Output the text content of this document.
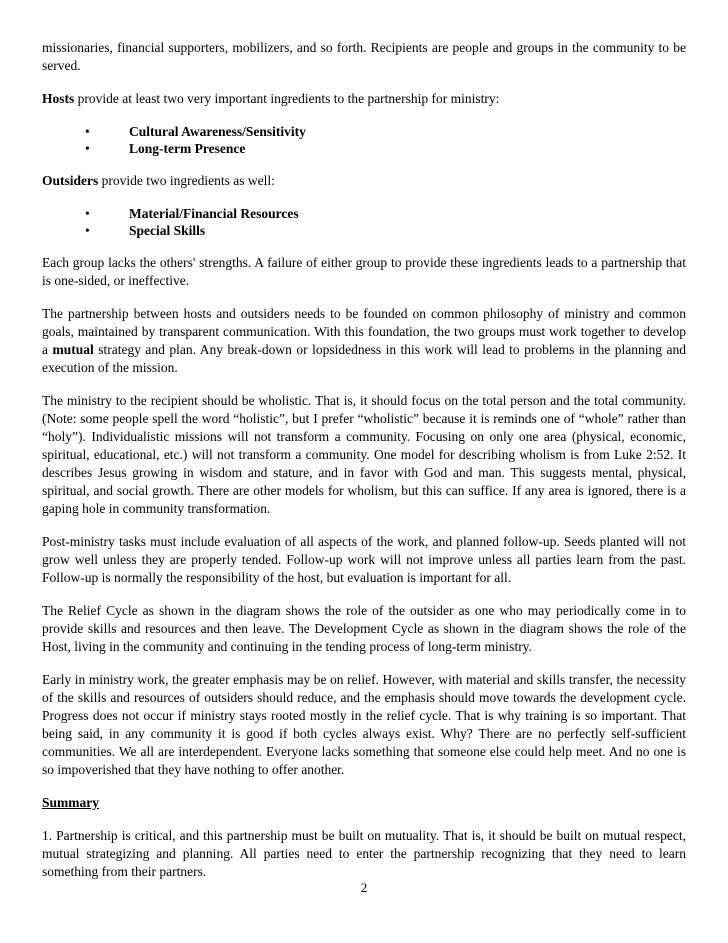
missionaries, financial supporters, mobilizers, and so forth. Recipients are people and groups in the community to be served.

Hosts provide at least two very important ingredients to the partnership for ministry:

•	Cultural Awareness/Sensitivity
•	Long-term Presence

Outsiders provide two ingredients as well:

•	Material/Financial Resources
•	Special Skills

Each group lacks the others' strengths. A failure of either group to provide these ingredients leads to a partnership that is one-sided, or ineffective.

The partnership between hosts and outsiders needs to be founded on common philosophy of ministry and common goals, maintained by transparent communication. With this foundation, the two groups must work together to develop a mutual strategy and plan. Any break-down or lopsidedness in this work will lead to problems in the planning and execution of the mission.

The ministry to the recipient should be wholistic. That is, it should focus on the total person and the total community. (Note: some people spell the word “holistic”, but I prefer “wholistic” because it is reminds one of “whole” rather than “holy”). Individualistic missions will not transform a community. Focusing on only one area (physical, economic, spiritual, educational, etc.) will not transform a community. One model for describing wholism is from Luke 2:52. It describes Jesus growing in wisdom and stature, and in favor with God and man. This suggests mental, physical, spiritual, and social growth. There are other models for wholism, but this can suffice. If any area is ignored, there is a gaping hole in community transformation.

Post-ministry tasks must include evaluation of all aspects of the work, and planned follow-up. Seeds planted will not grow well unless they are properly tended. Follow-up work will not improve unless all parties learn from the past. Follow-up is normally the responsibility of the host, but evaluation is important for all.

The Relief Cycle as shown in the diagram shows the role of the outsider as one who may periodically come in to provide skills and resources and then leave. The Development Cycle as shown in the diagram shows the role of the Host, living in the community and continuing in the tending process of long-term ministry.

Early in ministry work, the greater emphasis may be on relief. However, with material and skills transfer, the necessity of the skills and resources of outsiders should reduce, and the emphasis should move towards the development cycle. Progress does not occur if ministry stays rooted mostly in the relief cycle. That is why training is so important. That being said, in any community it is good if both cycles always exist. Why? There are no perfectly self-sufficient communities. We all are interdependent. Everyone lacks something that someone else could help meet. And no one is so impoverished that they have nothing to offer another.

Summary

1. Partnership is critical, and this partnership must be built on mutuality. That is, it should be built on mutual respect, mutual strategizing and planning. All parties need to enter the partnership recognizing that they need to learn something from their partners.

2
